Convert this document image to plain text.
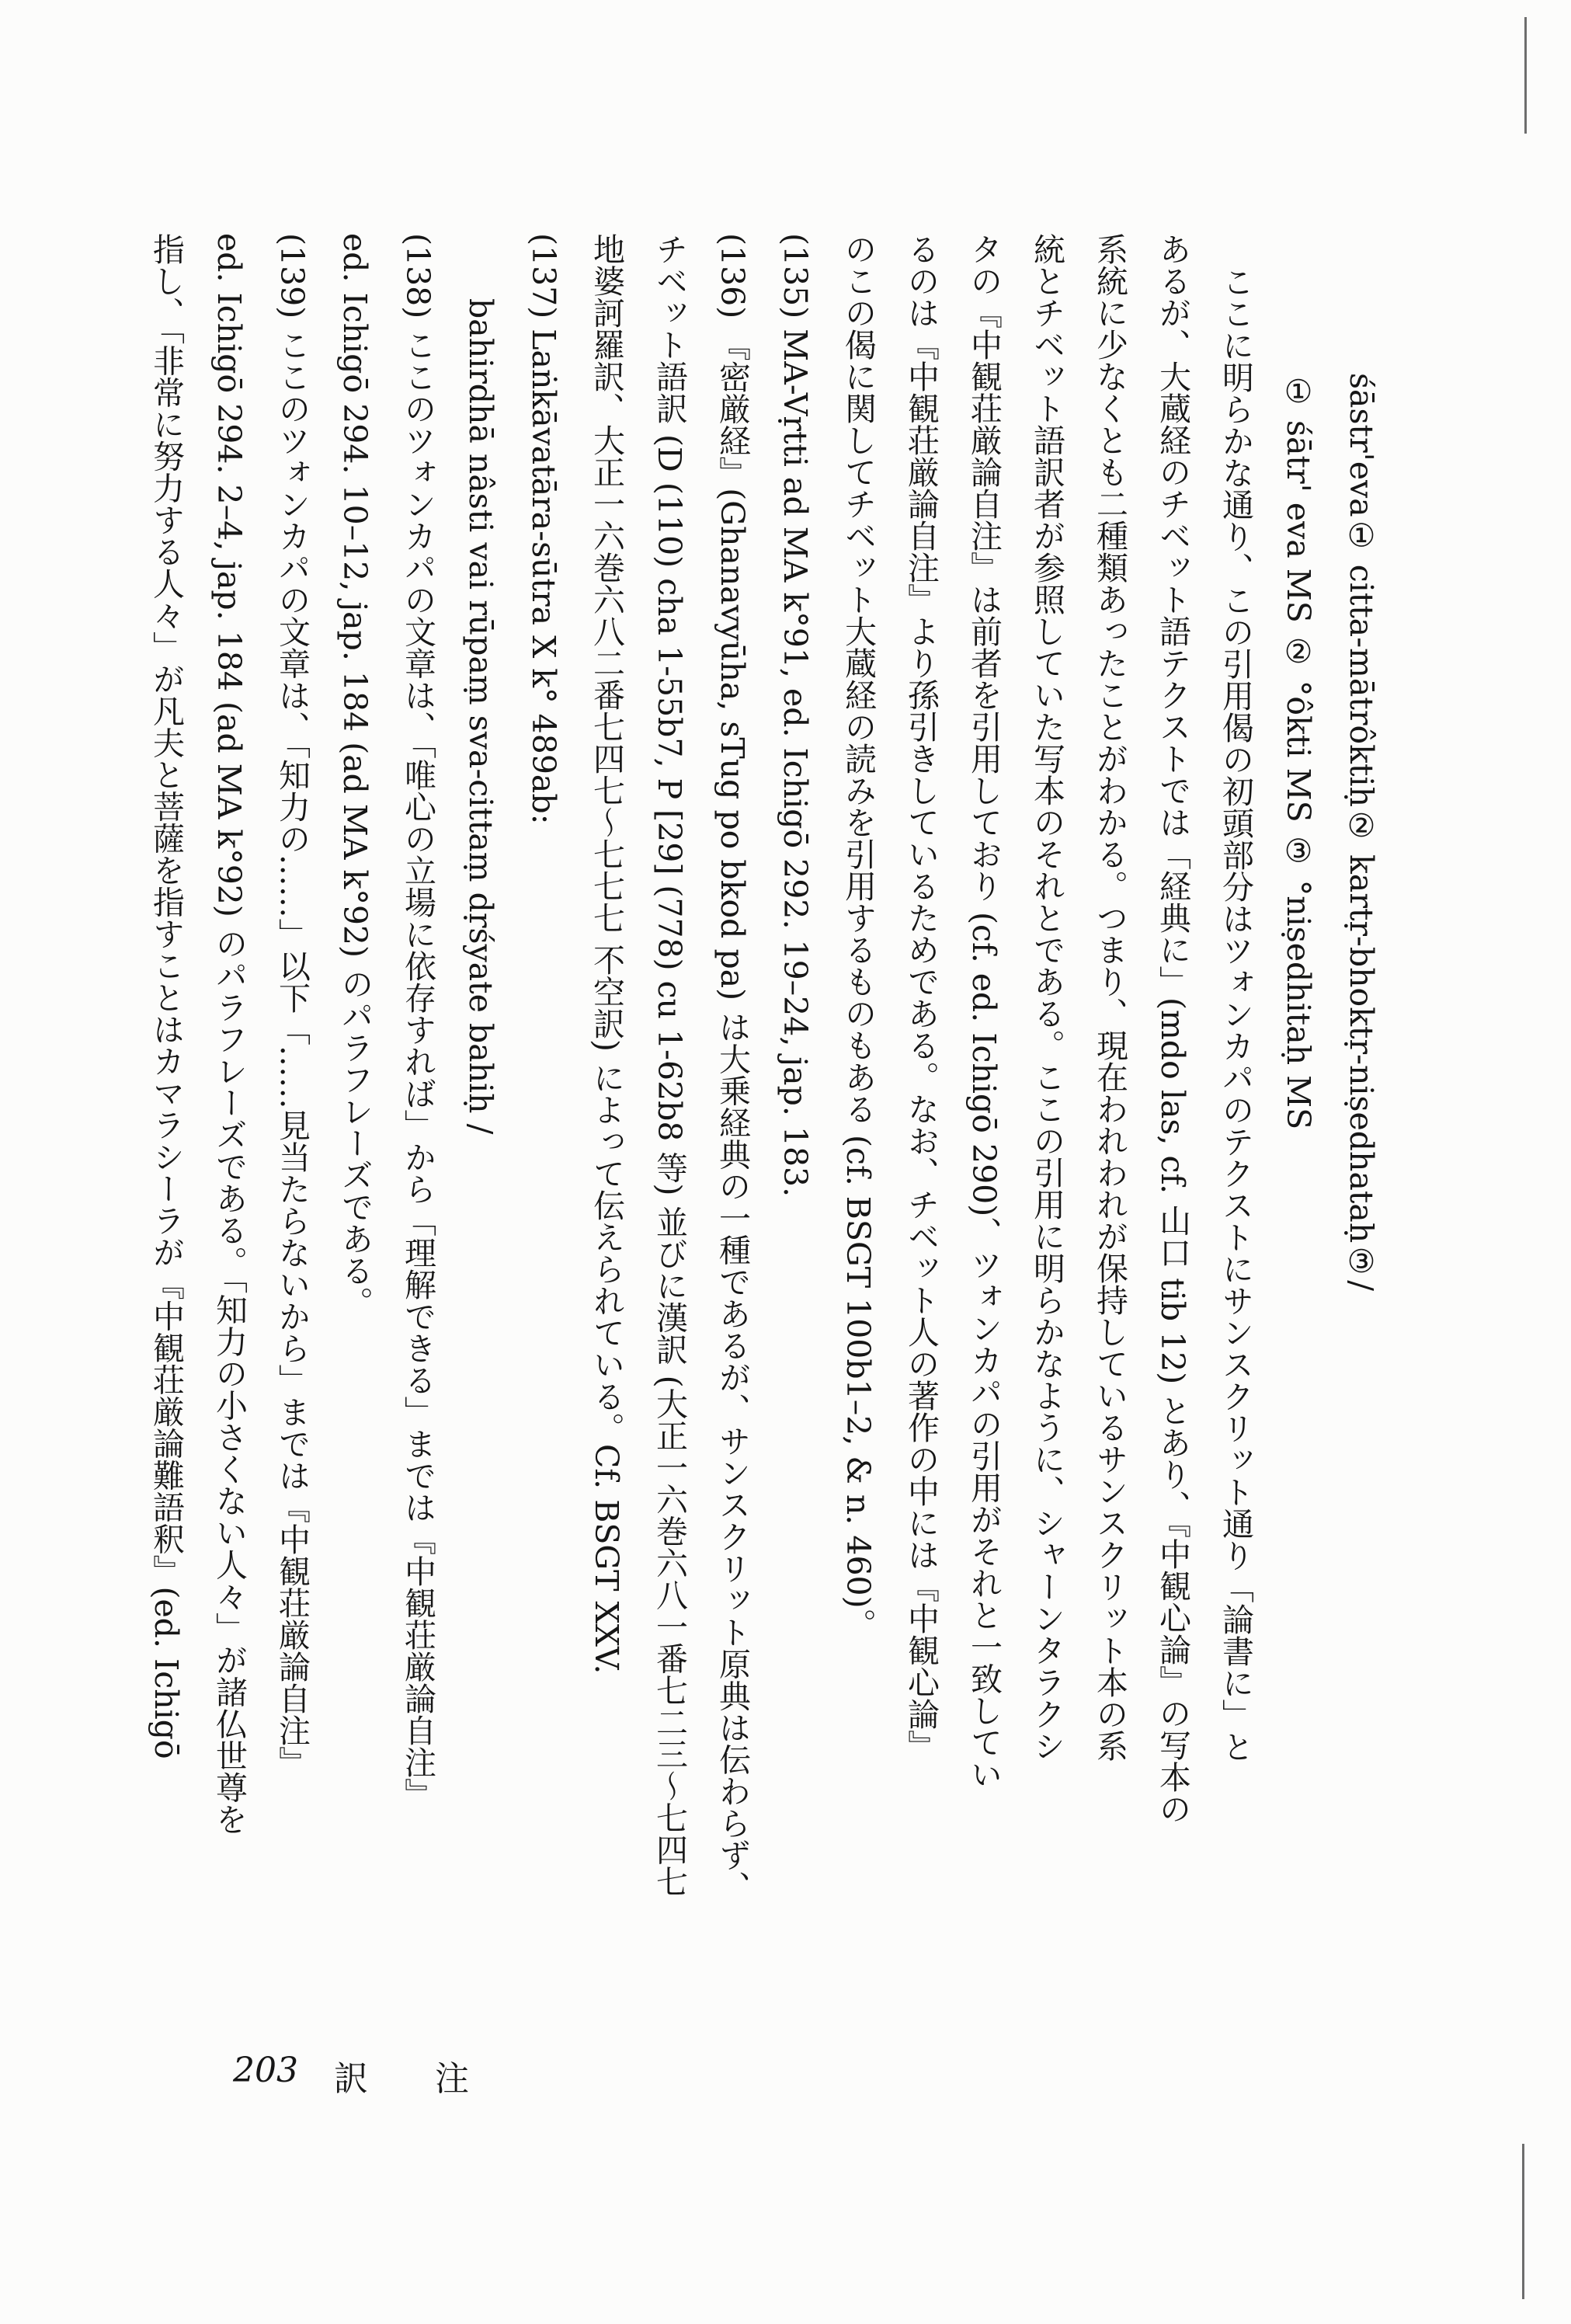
śāstr'eva① citta-mātrôktiḥ② kartṛ-bhoktṛ-niṣedhataḥ③/
① śātr' eva MS ② °ôkti MS ③ °niṣedhitaḥ MS
ここに明らかな通り、この引用偈の初頭部分はツォンカパのテクストにサンスクリット通り「論書に」と
あるが、大蔵経のチベット語テクストでは「経典に」(mdo las, cf. 山口 tib 12) とあり、『中観心論』の写本の
系統に少なくとも二種類あったことがわかる。つまり、現在われわれが保持しているサンスクリット本の系
統とチベット語訳者が参照していた写本のそれとである。ここの引用に明らかなように、シャーンタラクシ
タの『中観荘厳論自注』は前者を引用しており (cf. ed. Ichigō 290)、ツォンカパの引用がそれと一致してい
るのは『中観荘厳論自注』より孫引きしているためである。なお、チベット人の著作の中には『中観心論』
のこの偈に関してチベット大蔵経の読みを引用するものもある (cf. BSGT 100b1–2, & n. 460)。
(135) MA-Vṛtti ad MA k°91, ed. Ichigō 292. 19–24, jap. 183.
(136) 『密厳経』(Ghanavyūha, sTug po bkod pa) は大乗経典の一種であるが、サンスクリット原典は伝わらず、
チベット語訳 (D (110) cha 1-55b7, P [29] (778) cu 1-62b8 等) 並びに漢訳 (大正一六巻六八一番七二三〜七四七
地婆訶羅訳、大正一六巻六八二番七四七〜七七七 不空訳) によって伝えられている。Cf. BSGT XXV.
(137) Laṅkāvatāra-sūtra X k° 489ab:
bahirdhā nâsti vai rūpaṃ sva-cittaṃ dṛśyate bahiḥ /
(138) ここのツォンカパの文章は、「唯心の立場に依存すれば」から「理解できる」までは『中観荘厳論自注』
ed. Ichigō 294. 10–12, jap. 184 (ad MA k°92) のパラフレーズである。
(139) ここのツォンカパの文章は、「知力の……」以下「……見当たらないから」までは『中観荘厳論自注』
ed. Ichigō 294. 2–4, jap. 184 (ad MA k°92) のパラフレーズである。「知力の小さくない人々」が諸仏世尊を
指し、「非常に努力する人々」が凡夫と菩薩を指すことはカマラシーラが『中観荘厳論難語釈』(ed. Ichigō
203 訳 注
